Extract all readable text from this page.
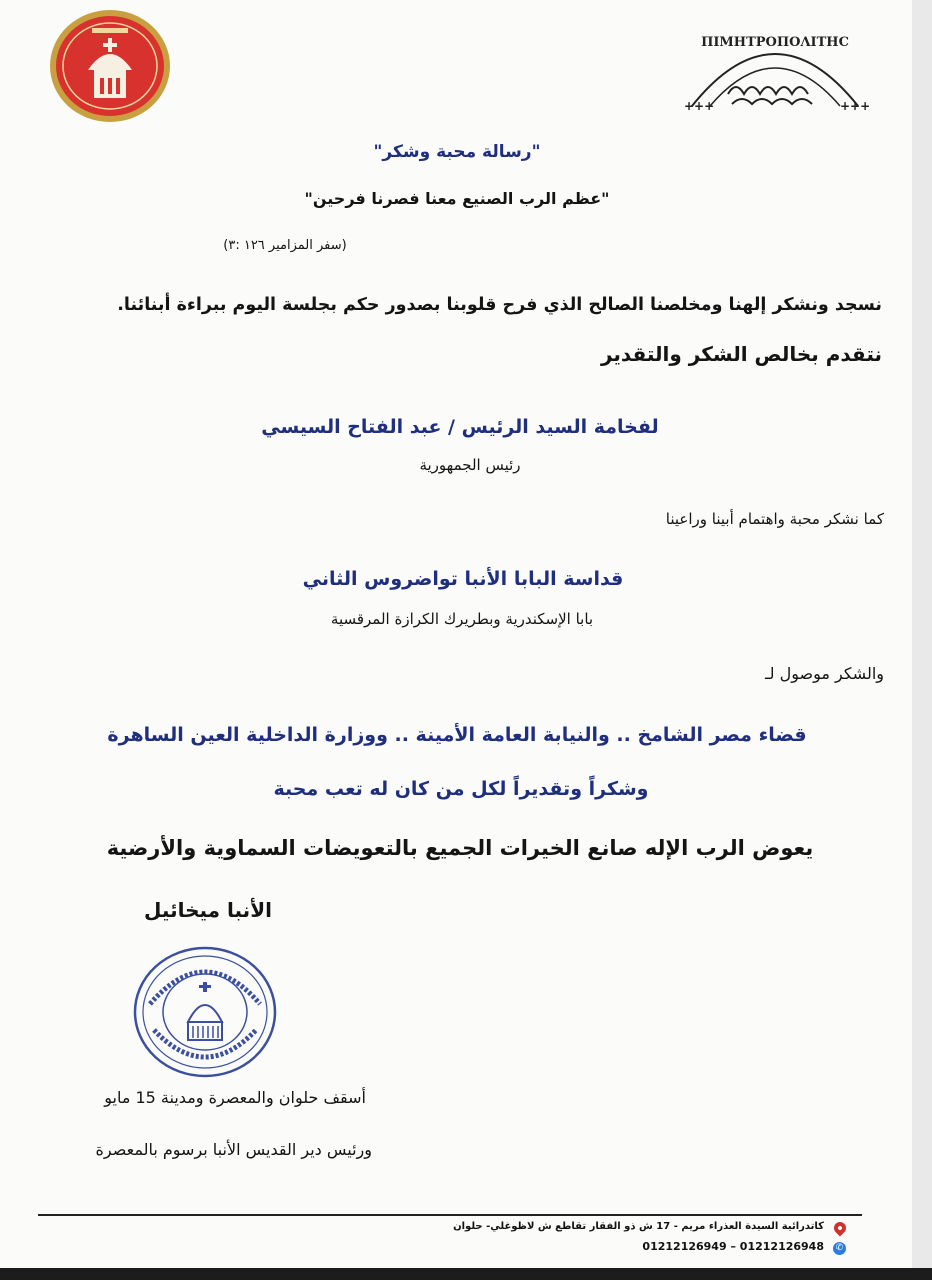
ΠΙΜΗΤΡΟΠΟΛΙΤΗC
+++	+++
"رسالة محبة وشكر"
"عظم الرب الصنيع معنا فصرنا فرحين"
(سفر المزامير ١٢٦ :٣)
نسجد ونشكر إلهنا ومخلصنا الصالح الذي فرح قلوبنا بصدور حكم بجلسة اليوم ببراءة أبنائنا.
نتقدم بخالص الشكر والتقدير
لفخامة السيد الرئيس / عبد الفتاح السيسي
رئيس الجمهورية
كما نشكر محبة واهتمام أبينا وراعينا
قداسة البابا الأنبا تواضروس الثاني
بابا الإسكندرية وبطريرك الكرازة المرقسية
والشكر موصول لـ
قضاء مصر الشامخ .. والنيابة العامة الأمينة .. ووزارة الداخلية العين الساهرة
وشكراً وتقديراً لكل من كان له تعب محبة
يعوض الرب الإله صانع الخيرات الجميع بالتعويضات السماوية والأرضية
الأنبا ميخائيل
أسقف حلوان والمعصرة ومدينة 15 مايو
ورئيس دير القديس الأنبا برسوم بالمعصرة
كاتدرائية السيدة العذراء مريم - 17 ش ذو الفقار تقاطع ش لاظوغلي- حلوان
✆
01212126948 – 01212126949
